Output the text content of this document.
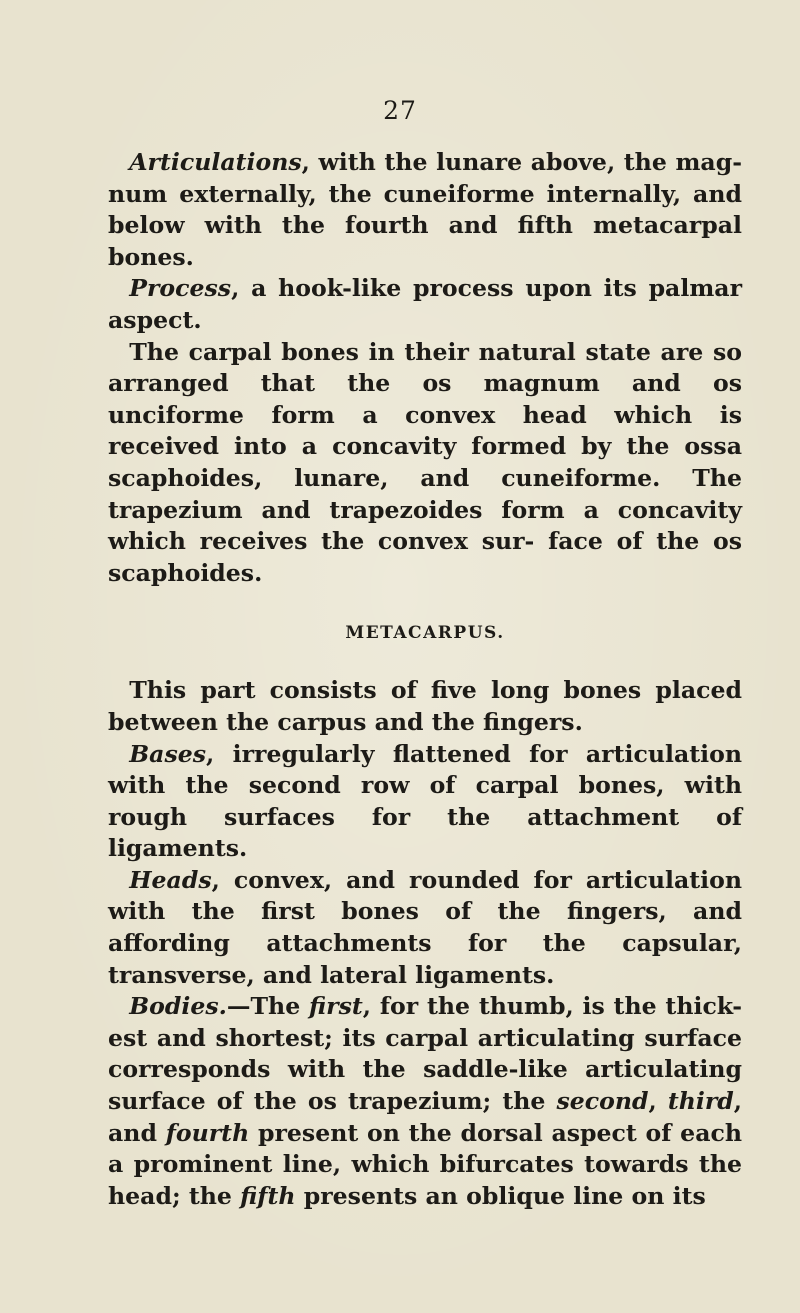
27

Articulations, with the lunare above, the mag- num externally, the cuneiforme internally, and below with the fourth and fifth metacarpal bones.

Process, a hook-like process upon its palmar aspect.

The carpal bones in their natural state are so arranged that the os magnum and os unciforme form a convex head which is received into a concavity formed by the ossa scaphoides, lunare, and cuneiforme. The trapezium and trapezoides form a concavity which receives the convex sur- face of the os scaphoides.

METACARPUS.

This part consists of five long bones placed between the carpus and the fingers.

Bases, irregularly flattened for articulation with the second row of carpal bones, with rough surfaces for the attachment of ligaments.

Heads, convex, and rounded for articulation with the first bones of the fingers, and affording attachments for the capsular, transverse, and lateral ligaments.

Bodies.—The first, for the thumb, is the thick- est and shortest; its carpal articulating surface corresponds with the saddle-like articulating surface of the os trapezium; the second, third, and fourth present on the dorsal aspect of each a prominent line, which bifurcates towards the head; the fifth presents an oblique line on its
